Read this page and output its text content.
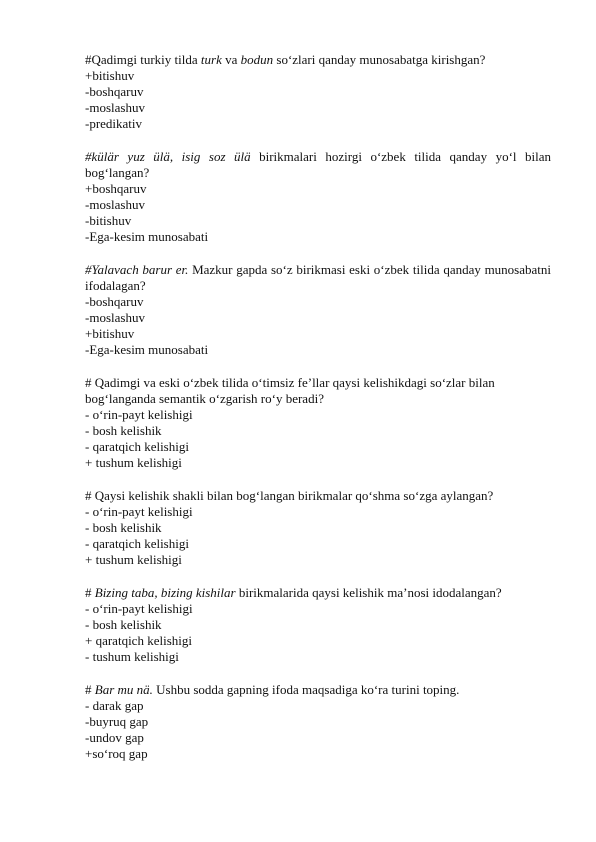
#Qadimgi turkiy tilda turk va bodun so‘zlari qanday munosabatga kirishgan?
+bitishuv
-boshqaruv
-moslashuv
-predikativ
#külär yuz ülä, isig soz ülä birikmalari hozirgi o‘zbek tilida qanday yo‘l bilan bog‘langan?
+boshqaruv
-moslashuv
-bitishuv
-Ega-kesim munosabati
#Yalavach barur er. Mazkur gapda so‘z birikmasi eski o‘zbek tilida qanday munosabatni ifodalagan?
-boshqaruv
-moslashuv
+bitishuv
-Ega-kesim munosabati
# Qadimgi va eski o‘zbek tilida o‘timsiz fe’llar qaysi kelishikdagi so‘zlar bilan bog‘langanda semantik o‘zgarish ro‘y beradi?
- o‘rin-payt kelishigi
- bosh kelishik
- qaratqich kelishigi
+ tushum kelishigi
# Qaysi kelishik shakli bilan bog‘langan birikmalar qo‘shma so‘zga aylangan?
- o‘rin-payt kelishigi
- bosh kelishik
- qaratqich kelishigi
+ tushum kelishigi
# Bizing taba, bizing kishilar birikmalarida qaysi kelishik ma’nosi idodalangan?
- o‘rin-payt kelishigi
- bosh kelishik
+ qaratqich kelishigi
- tushum kelishigi
# Bar mu nä. Ushbu sodda gapning ifoda maqsadiga koʻra turini toping.
- darak gap
-buyruq gap
-undov gap
+so‘roq gap
